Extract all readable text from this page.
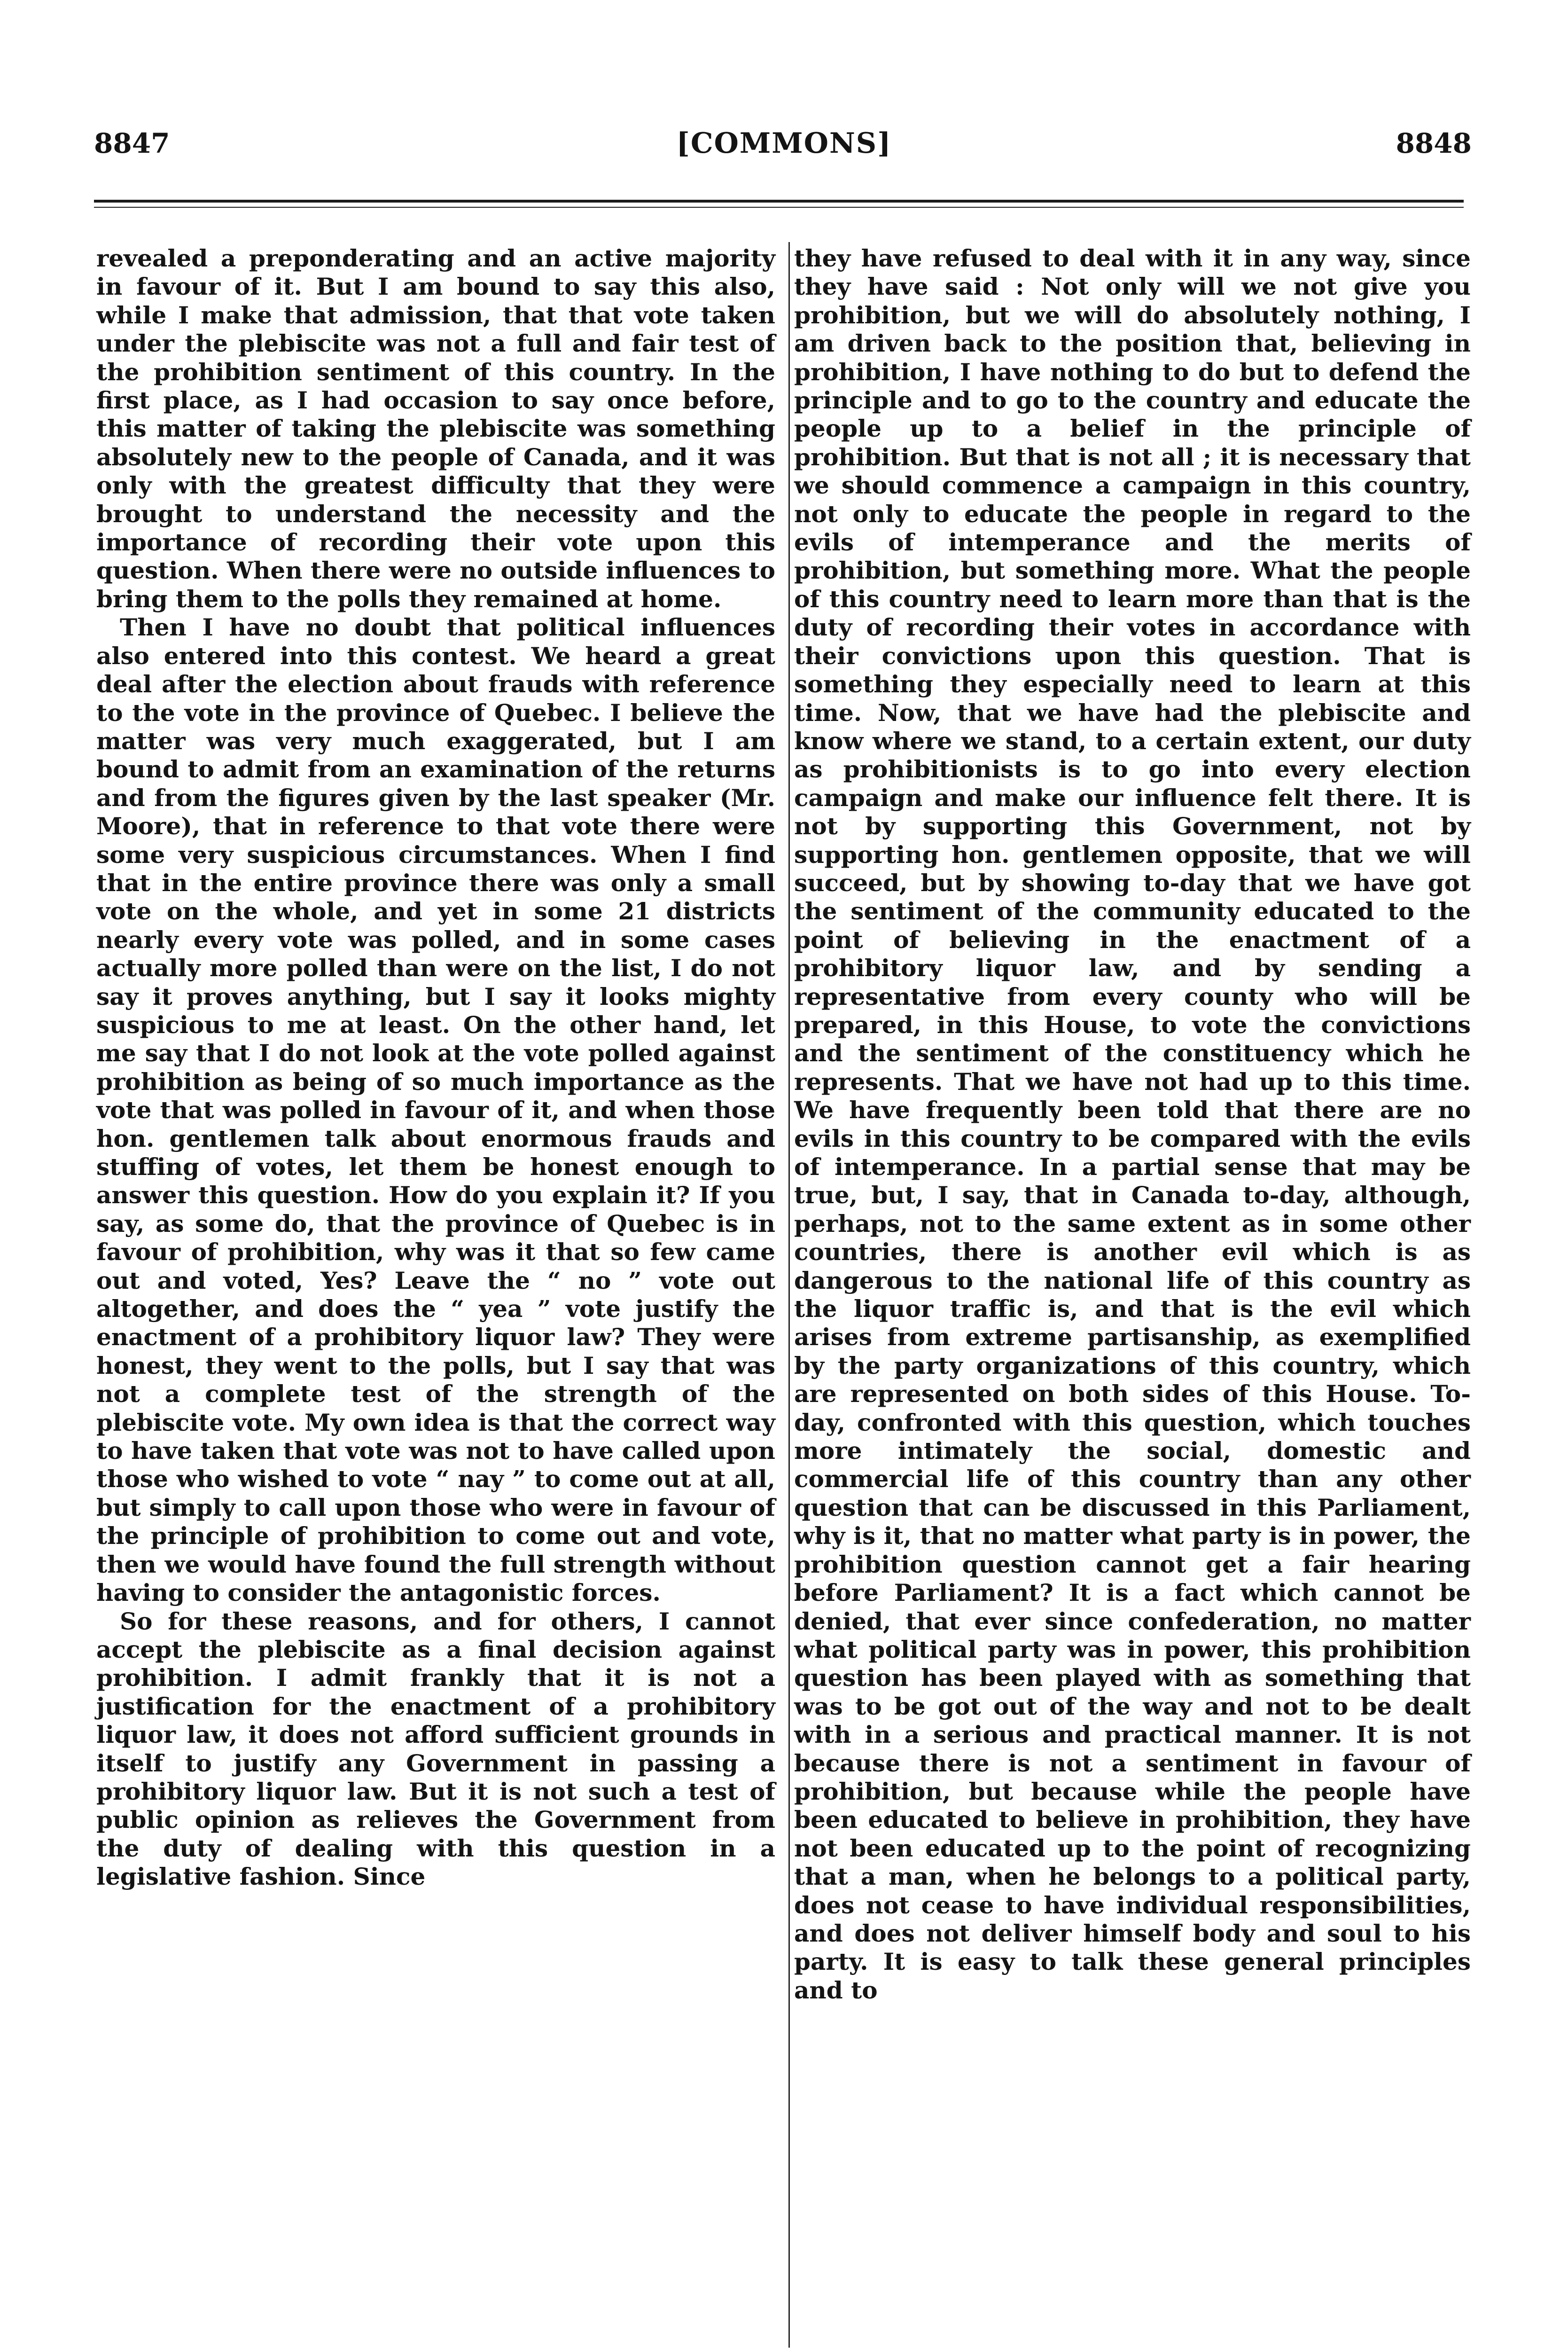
8847	[COMMONS]	8848

revealed a preponderating and an active majority in favour of it. But I am bound to say this also, while I make that admission, that that vote taken under the plebiscite was not a full and fair test of the prohibition sentiment of this country. In the first place, as I had occasion to say once before, this matter of taking the plebiscite was something absolutely new to the people of Canada, and it was only with the greatest difficulty that they were brought to understand the necessity and the importance of recording their vote upon this question. When there were no outside influences to bring them to the polls they remained at home.

Then I have no doubt that political influences also entered into this contest. We heard a great deal after the election about frauds with reference to the vote in the province of Quebec. I believe the matter was very much exaggerated, but I am bound to admit from an examination of the returns and from the figures given by the last speaker (Mr. Moore), that in reference to that vote there were some very suspicious circumstances. When I find that in the entire province there was only a small vote on the whole, and yet in some 21 districts nearly every vote was polled, and in some cases actually more polled than were on the list, I do not say it proves anything, but I say it looks mighty suspicious to me at least. On the other hand, let me say that I do not look at the vote polled against prohibition as being of so much importance as the vote that was polled in favour of it, and when those hon. gentlemen talk about enormous frauds and stuffing of votes, let them be honest enough to answer this question. How do you explain it? If you say, as some do, that the province of Quebec is in favour of prohibition, why was it that so few came out and voted, Yes? Leave the “ no ” vote out altogether, and does the “ yea ” vote justify the enactment of a prohibitory liquor law? They were honest, they went to the polls, but I say that was not a complete test of the strength of the plebiscite vote. My own idea is that the correct way to have taken that vote was not to have called upon those who wished to vote “ nay ” to come out at all, but simply to call upon those who were in favour of the principle of prohibition to come out and vote, then we would have found the full strength without having to consider the antagonistic forces.

So for these reasons, and for others, I cannot accept the plebiscite as a final decision against prohibition. I admit frankly that it is not a justification for the enactment of a prohibitory liquor law, it does not afford sufficient grounds in itself to justify any Government in passing a prohibitory liquor law. But it is not such a test of public opinion as relieves the Government from the duty of dealing with this question in a legislative fashion. Since

they have refused to deal with it in any way, since they have said : Not only will we not give you prohibition, but we will do absolutely nothing, I am driven back to the position that, believing in prohibition, I have nothing to do but to defend the principle and to go to the country and educate the people up to a belief in the principle of prohibition. But that is not all ; it is necessary that we should commence a campaign in this country, not only to educate the people in regard to the evils of intemperance and the merits of prohibition, but something more. What the people of this country need to learn more than that is the duty of recording their votes in accordance with their convictions upon this question. That is something they especially need to learn at this time. Now, that we have had the plebiscite and know where we stand, to a certain extent, our duty as prohibitionists is to go into every election campaign and make our influence felt there. It is not by supporting this Government, not by supporting hon. gentlemen opposite, that we will succeed, but by showing to-day that we have got the sentiment of the community educated to the point of believing in the enactment of a prohibitory liquor law, and by sending a representative from every county who will be prepared, in this House, to vote the convictions and the sentiment of the constituency which he represents. That we have not had up to this time. We have frequently been told that there are no evils in this country to be compared with the evils of intemperance. In a partial sense that may be true, but, I say, that in Canada to-day, although, perhaps, not to the same extent as in some other countries, there is another evil which is as dangerous to the national life of this country as the liquor traffic is, and that is the evil which arises from extreme partisanship, as exemplified by the party organizations of this country, which are represented on both sides of this House. To-day, confronted with this question, which touches more intimately the social, domestic and commercial life of this country than any other question that can be discussed in this Parliament, why is it, that no matter what party is in power, the prohibition question cannot get a fair hearing before Parliament? It is a fact which cannot be denied, that ever since confederation, no matter what political party was in power, this prohibition question has been played with as something that was to be got out of the way and not to be dealt with in a serious and practical manner. It is not because there is not a sentiment in favour of prohibition, but because while the people have been educated to believe in prohibition, they have not been educated up to the point of recognizing that a man, when he belongs to a political party, does not cease to have individual responsibilities, and does not deliver himself body and soul to his party. It is easy to talk these general principles and to
